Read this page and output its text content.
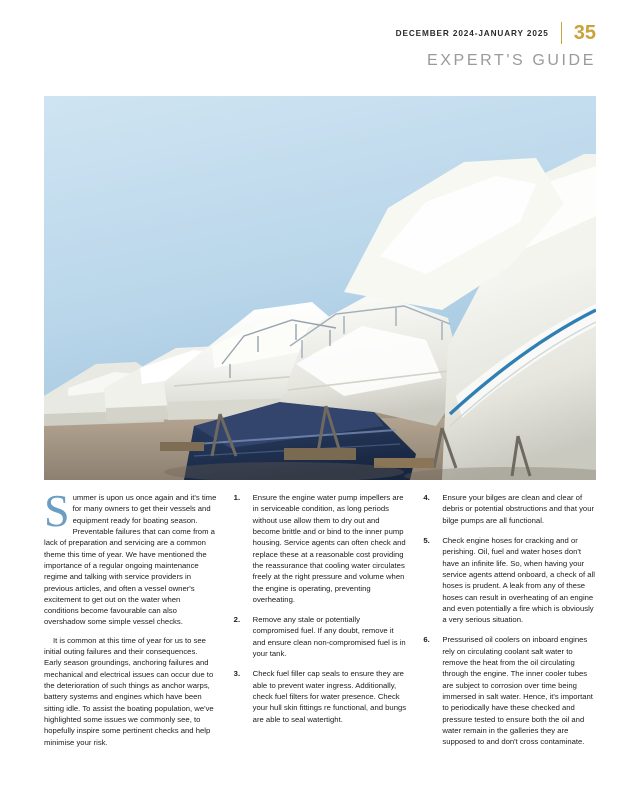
DECEMBER 2024-JANUARY 2025 35
EXPERT'S GUIDE

Summer is upon us once again and it's time for many owners to get their vessels and equipment ready for boating season. Preventable failures that can come from a lack of preparation and servicing are a common theme this time of year. We have mentioned the importance of a regular ongoing maintenance regime and talking with service providers in previous articles, and often a vessel owner's excitement to get out on the water when conditions become favourable can also overshadow some simple vessel checks.

It is common at this time of year for us to see initial outing failures and their consequences. Early season groundings, anchoring failures and mechanical and electrical issues can occur due to the deterioration of such things as anchor warps, battery systems and engines which have been sitting idle. To assist the boating population, we've highlighted some issues we commonly see, to hopefully inspire some pertinent checks and help minimise your risk.

1.	Ensure the engine water pump impellers are in serviceable condition, as long periods without use allow them to dry out and become brittle and or bind to the inner pump housing. Service agents can often check and replace these at a reasonable cost providing the reassurance that cooling water circulates freely at the right pressure and volume when the engine is operating, preventing overheating.
2.	Remove any stale or potentially compromised fuel. If any doubt, remove it and ensure clean non-compromised fuel is in your tank.
3.	Check fuel filler cap seals to ensure they are able to prevent water ingress. Additionally, check fuel filters for water presence. Check your hull skin fittings re functional, and bungs are able to seal watertight.
4.	Ensure your bilges are clean and clear of debris or potential obstructions and that your bilge pumps are all functional.
5.	Check engine hoses for cracking and or perishing. Oil, fuel and water hoses don't have an infinite life. So, when having your service agents attend onboard, a check of all hoses is prudent. A leak from any of these hoses can result in overheating of an engine and even potentially a fire which is obviously a very serious situation.
6.	Pressurised oil coolers on inboard engines rely on circulating coolant salt water to remove the heat from the oil circulating through the engine. The inner cooler tubes are subject to corrosion over time being immersed in salt water. Hence, it's important to periodically have these checked and pressure tested to ensure both the oil and water remain in the galleries they are supposed to and don't cross contaminate.
